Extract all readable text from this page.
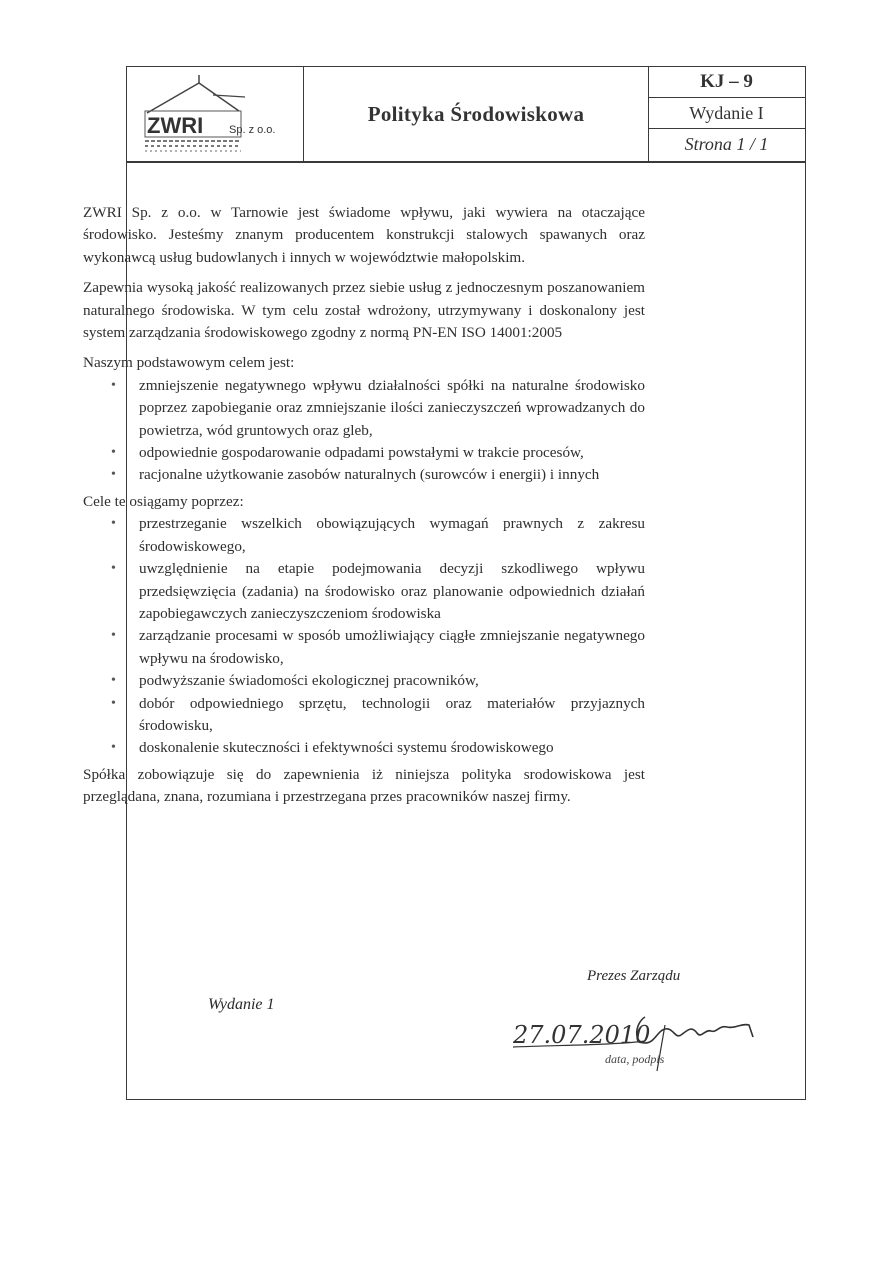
ZWRI Sp. z o.o.
Polityka Środowiskowa
KJ – 9
Wydanie I
Strona 1 / 1

ZWRI Sp. z o.o. w Tarnowie jest świadome wpływu, jaki wywiera na otaczające środowisko. Jesteśmy znanym producentem konstrukcji stalowych spawanych oraz wykonawcą usług budowlanych i innych w województwie małopolskim.

Zapewnia wysoką jakość realizowanych przez siebie usług z jednoczesnym poszanowaniem naturalnego środowiska. W tym celu został wdrożony, utrzymywany i doskonalony jest system zarządzania środowiskowego zgodny z normą PN-EN ISO 14001:2005

Naszym podstawowym celem jest:

• zmniejszenie negatywnego wpływu działalności spółki na naturalne środowisko poprzez zapobieganie oraz zmniejszanie ilości zanieczyszczeń wprowadzanych do powietrza, wód gruntowych oraz gleb,
• odpowiednie gospodarowanie odpadami powstałymi w trakcie procesów,
• racjonalne użytkowanie zasobów naturalnych (surowców i energii) i innych

Cele te osiągamy poprzez:

• przestrzeganie wszelkich obowiązujących wymagań prawnych z zakresu środowiskowego,
• uwzględnienie na etapie podejmowania decyzji szkodliwego wpływu przedsięwzięcia (zadania) na środowisko oraz planowanie odpowiednich działań zapobiegawczych zanieczyszczeniom środowiska
• zarządzanie procesami w sposób umożliwiający ciągłe zmniejszanie negatywnego wpływu na środowisko,
• podwyższanie świadomości ekologicznej pracowników,
• dobór odpowiedniego sprzętu, technologii oraz materiałów przyjaznych środowisku,
• doskonalenie skuteczności i efektywności systemu środowiskowego

Spółka zobowiązuje się do zapewnienia iż niniejsza polityka srodowiskowa jest przeglądana, znana, rozumiana i przestrzegana przes pracowników naszej firmy.

Prezes Zarządu
Wydanie 1
27.07.2010
data, podpis
